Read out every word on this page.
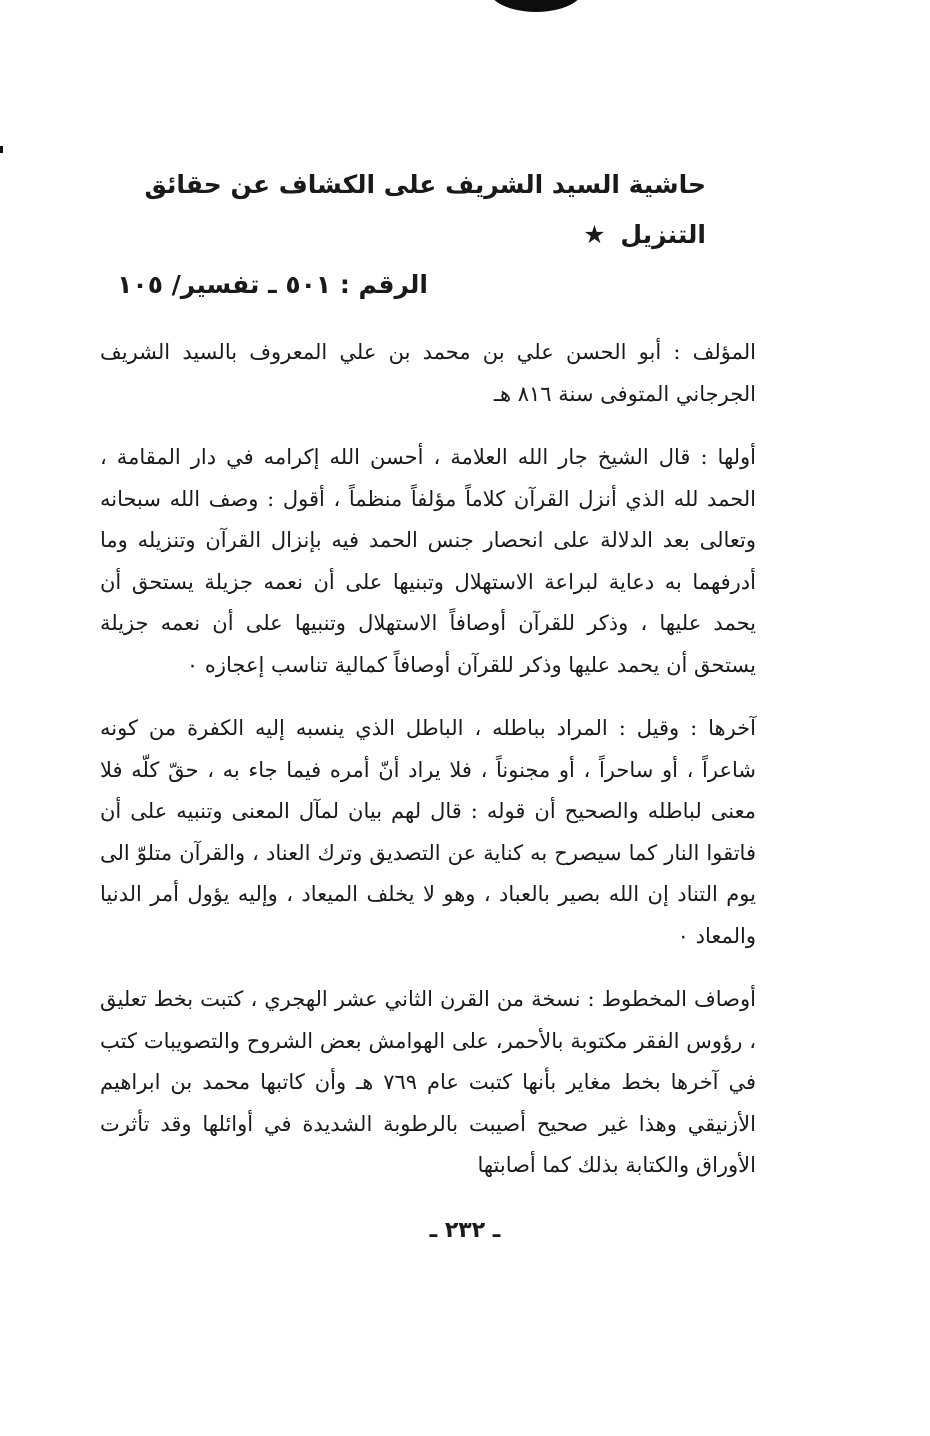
حاشية السيد الشريف على الكشاف عن حقائق التنزيل ★
الرقم : ٥٠١ ـ تفسير/ ١٠٥

المؤلف : أبو الحسن علي بن محمد بن علي المعروف بالسيد الشريف الجرجاني المتوفى سنة ٨١٦ هـ

أولها : قال الشيخ جار الله العلامة ، أحسن الله إكرامه في دار المقامة ، الحمد لله الذي أنزل القرآن كلاماً مؤلفاً منظماً ، أقول : وصف الله سبحانه وتعالى بعد الدلالة على انحصار جنس الحمد فيه بإنزال القرآن وتنزيله وما أدرفهما به دعاية لبراعة الاستهلال وتبنيها على أن نعمه جزيلة يستحق أن يحمد عليها ، وذكر للقرآن أوصافاً الاستهلال وتنبيها على أن نعمه جزيلة يستحق أن يحمد عليها وذكر للقرآن أوصافاً كمالية تناسب إعجازه ٠

آخرها : وقيل : المراد بباطله ، الباطل الذي ينسبه إليه الكفرة من كونه شاعراً ، أو ساحراً ، أو مجنوناً ، فلا يراد أنّ أمره فيما جاء به ، حقّ كلّه فلا معنى لباطله والصحيح أن قوله : قال لهم بيان لمآل المعنى وتنبيه على أن فاتقوا النار كما سيصرح به كناية عن التصديق وترك العناد ، والقرآن متلوّ الى يوم التناد إن الله بصير بالعباد ، وهو لا يخلف الميعاد ، وإليه يؤول أمر الدنيا والمعاد ٠

أوصاف المخطوط : نسخة من القرن الثاني عشر الهجري ، كتبت بخط تعليق ، رؤوس الفقر مكتوبة بالأحمر، على الهوامش بعض الشروح والتصويبات كتب في آخرها بخط مغاير بأنها كتبت عام ٧٦٩ هـ وأن كاتبها محمد بن ابراهيم الأزنيقي وهذا غير صحيح أصيبت بالرطوبة الشديدة في أوائلها وقد تأثرت الأوراق والكتابة بذلك كما أصابتها

ـ ٢٣٢ ـ
